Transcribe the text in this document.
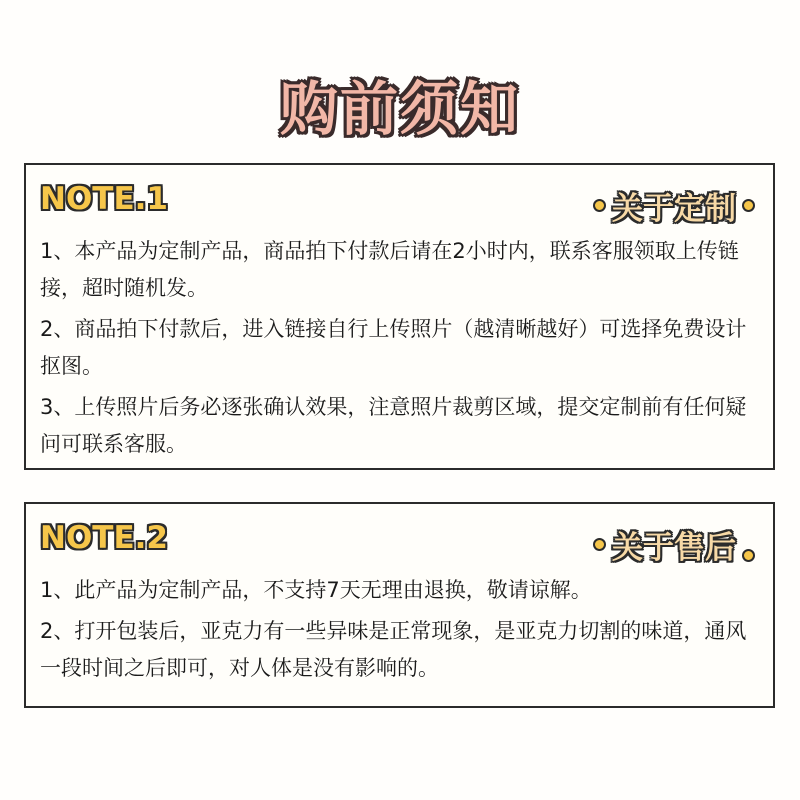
购前须知
NOTE.1	关于定制

1、本产品为定制产品，商品拍下付款后请在2小时内，联系客服领取上传链接，超时随机发。

2、商品拍下付款后，进入链接自行上传照片（越清晰越好）可选择免费设计抠图。

3、上传照片后务必逐张确认效果，注意照片裁剪区域，提交定制前有任何疑问可联系客服。

NOTE.2	关于售后

1、此产品为定制产品，不支持7天无理由退换，敬请谅解。

2、打开包装后，亚克力有一些异味是正常现象，是亚克力切割的味道，通风一段时间之后即可，对人体是没有影响的。
